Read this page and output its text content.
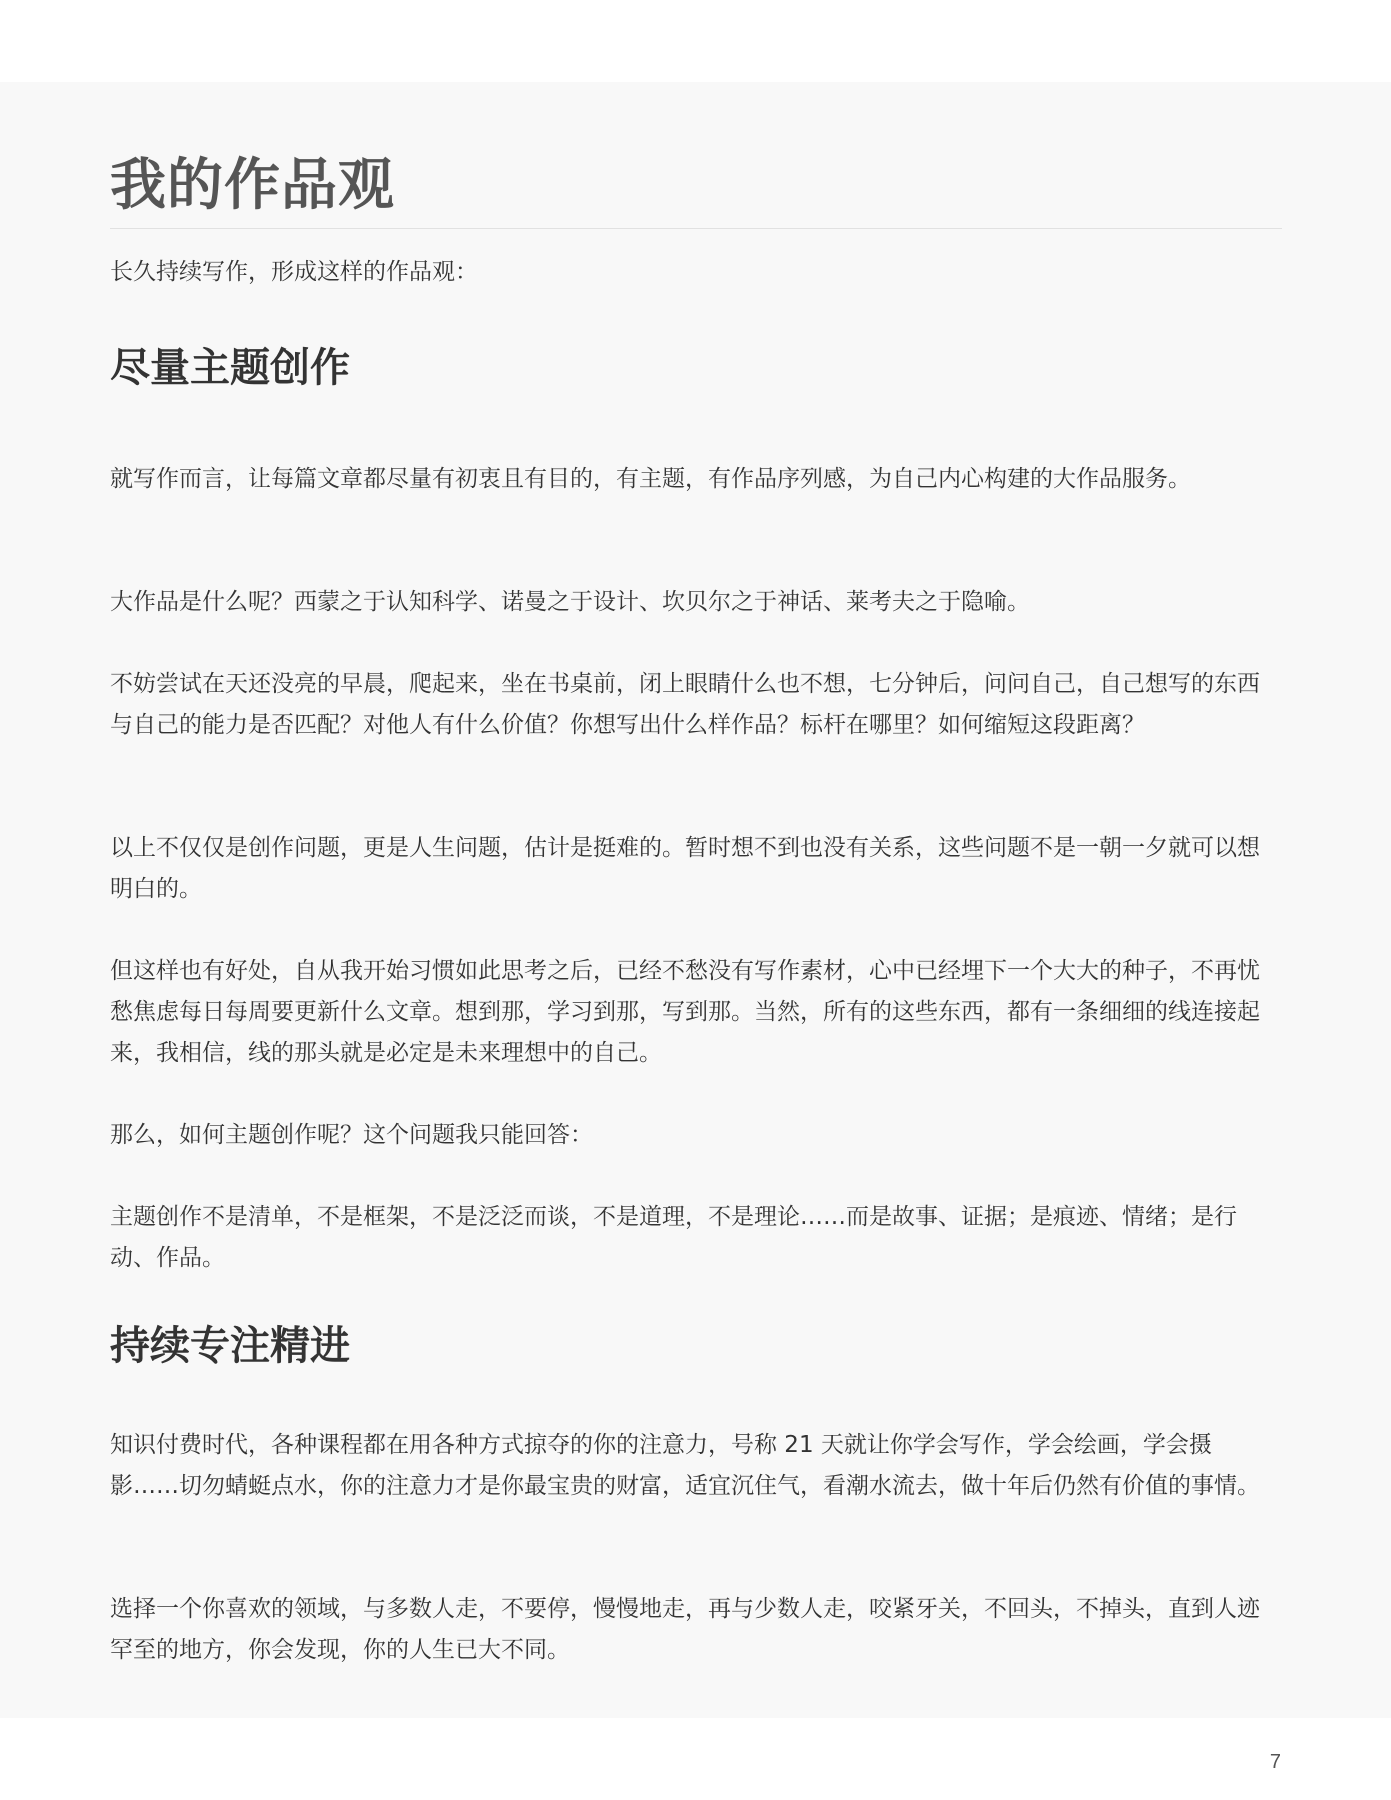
我的作品观

长久持续写作，形成这样的作品观：

尽量主题创作

就写作而言，让每篇文章都尽量有初衷且有目的，有主题，有作品序列感，为自己内心构建的大作品服务。

大作品是什么呢？西蒙之于认知科学、诺曼之于设计、坎贝尔之于神话、莱考夫之于隐喻。

不妨尝试在天还没亮的早晨，爬起来，坐在书桌前，闭上眼睛什么也不想，七分钟后，问问自己，自己想写的东西与自己的能力是否匹配？对他人有什么价值？你想写出什么样作品？标杆在哪里？如何缩短这段距离？

以上不仅仅是创作问题，更是人生问题，估计是挺难的。暂时想不到也没有关系，这些问题不是一朝一夕就可以想明白的。

但这样也有好处，自从我开始习惯如此思考之后，已经不愁没有写作素材，心中已经埋下一个大大的种子，不再忧愁焦虑每日每周要更新什么文章。想到那，学习到那，写到那。当然，所有的这些东西，都有一条细细的线连接起来，我相信，线的那头就是必定是未来理想中的自己。

那么，如何主题创作呢？这个问题我只能回答：

主题创作不是清单，不是框架，不是泛泛而谈，不是道理，不是理论……而是故事、证据；是痕迹、情绪；是行动、作品。

持续专注精进

知识付费时代，各种课程都在用各种方式掠夺的你的注意力，号称 21 天就让你学会写作，学会绘画，学会摄影……切勿蜻蜓点水，你的注意力才是你最宝贵的财富，适宜沉住气，看潮水流去，做十年后仍然有价值的事情。

选择一个你喜欢的领域，与多数人走，不要停，慢慢地走，再与少数人走，咬紧牙关，不回头，不掉头，直到人迹罕至的地方，你会发现，你的人生已大不同。

7
